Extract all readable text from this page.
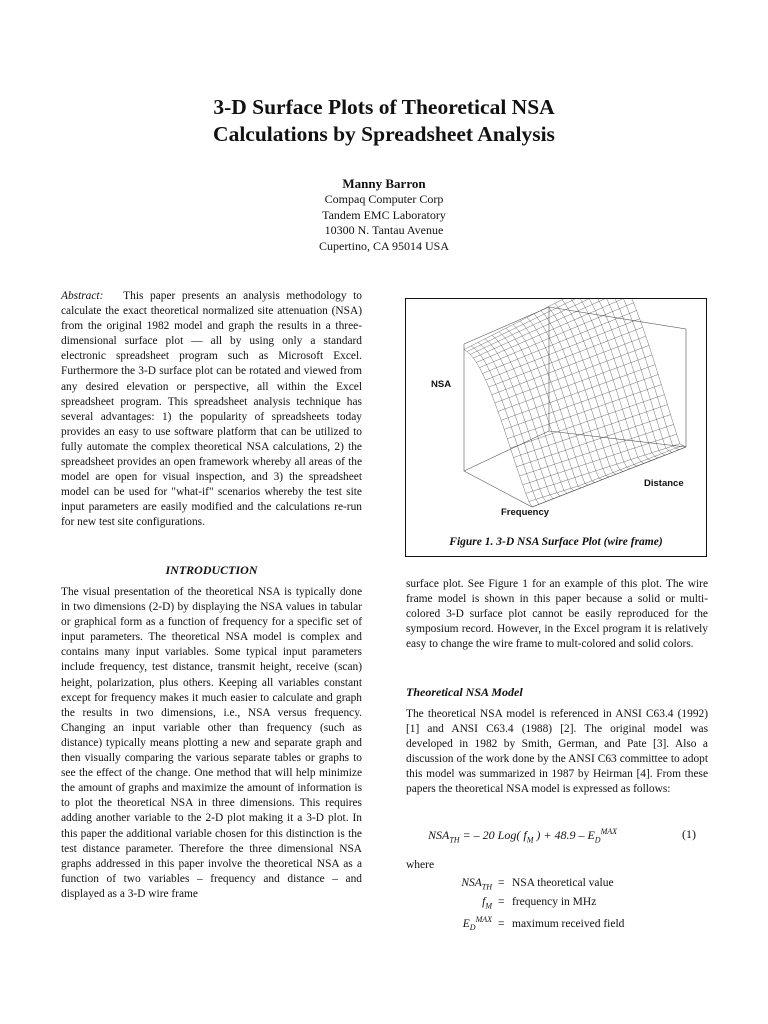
3-D Surface Plots of Theoretical NSA
Calculations by Spreadsheet Analysis
Manny Barron
Compaq Computer Corp
Tandem EMC Laboratory
10300 N. Tantau Avenue
Cupertino, CA 95014 USA

Abstract: This paper presents an analysis methodology to calculate the exact theoretical normalized site attenuation (NSA) from the original 1982 model and graph the results in a three-dimensional surface plot — all by using only a standard electronic spreadsheet program such as Microsoft Excel. Furthermore the 3-D surface plot can be rotated and viewed from any desired elevation or perspective, all within the Excel spreadsheet program. This spreadsheet analysis technique has several advantages: 1) the popularity of spreadsheets today provides an easy to use software platform that can be utilized to fully automate the complex theoretical NSA calculations, 2) the spreadsheet provides an open framework whereby all areas of the model are open for visual inspection, and 3) the spreadsheet model can be used for "what-if" scenarios whereby the test site input parameters are easily modified and the calculations re-run for new test site configurations.

INTRODUCTION

The visual presentation of the theoretical NSA is typically done in two dimensions (2-D) by displaying the NSA values in tabular or graphical form as a function of frequency for a specific set of input parameters. The theoretical NSA model is complex and contains many input variables. Some typical input parameters include frequency, test distance, transmit height, receive (scan) height, polarization, plus others. Keeping all variables constant except for frequency makes it much easier to calculate and graph the results in two dimensions, i.e., NSA versus frequency. Changing an input variable other than frequency (such as distance) typically means plotting a new and separate graph and then visually comparing the various separate tables or graphs to see the effect of the change. One method that will help minimize the amount of graphs and maximize the amount of information is to plot the theoretical NSA in three dimensions. This requires adding another variable to the 2-D plot making it a 3-D plot. In this paper the additional variable chosen for this distinction is the test distance parameter. Therefore the three dimensional NSA graphs addressed in this paper involve the theoretical NSA as a function of two variables – frequency and distance – and displayed as a 3-D wire frame

NSA
Distance
Frequency
Figure 1. 3-D NSA Surface Plot (wire frame)

surface plot. See Figure 1 for an example of this plot. The wire frame model is shown in this paper because a solid or multi-colored 3-D surface plot cannot be easily reproduced for the symposium record. However, in the Excel program it is relatively easy to change the wire frame to mult-colored and solid colors.

Theoretical NSA Model

The theoretical NSA model is referenced in ANSI C63.4 (1992) [1] and ANSI C63.4 (1988) [2]. The original model was developed in 1982 by Smith, German, and Pate [3]. Also a discussion of the work done by the ANSI C63 committee to adopt this model was summarized in 1987 by Heirman [4]. From these papers the theoretical NSA model is expressed as follows:

$NSA_{TH}$ = – 20 Log( $f_M$ ) + $48.9 - E_D^{MAX}$	(1)
where
$NSA_{TH}$ = NSA theoretical value
$f_M$ = frequency in MHz
$E_D^{MAX}$ = maximum received field
